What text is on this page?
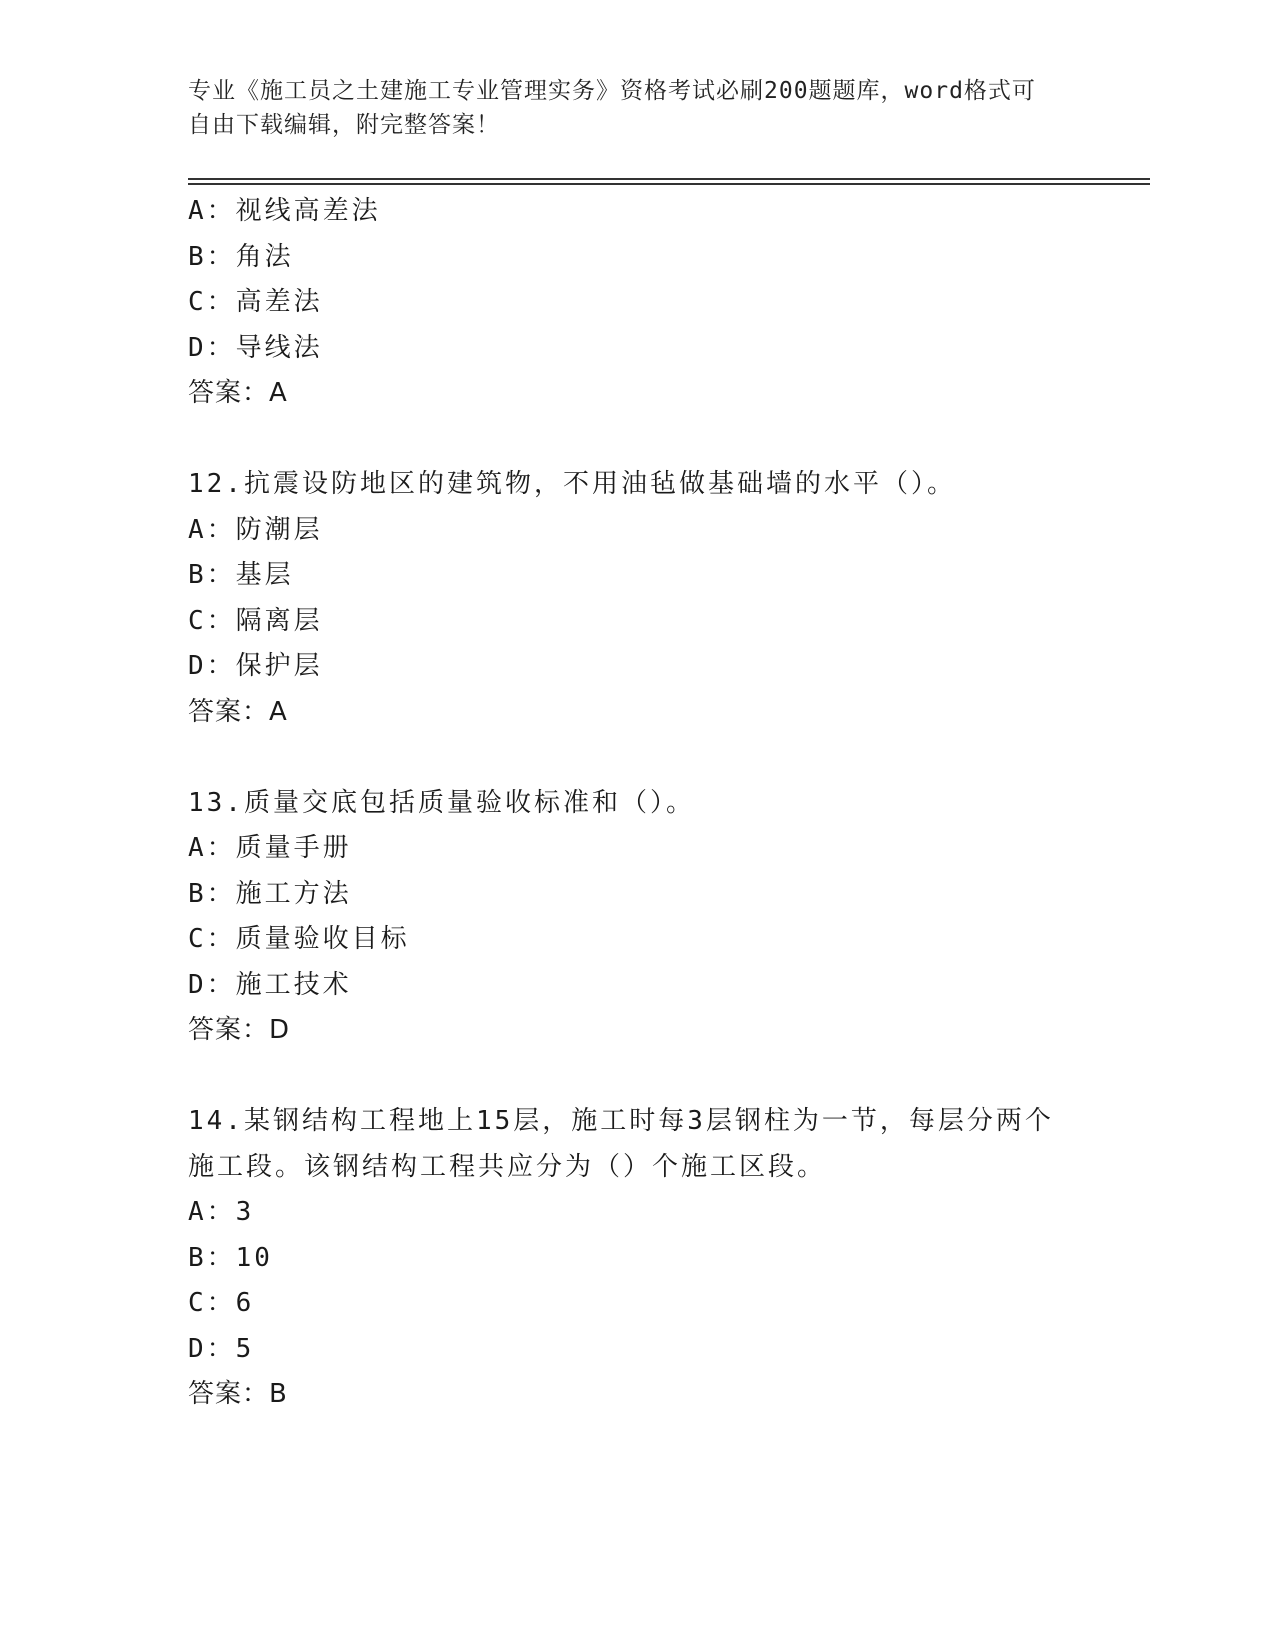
专业《施工员之土建施工专业管理实务》资格考试必刷200题题库，word格式可
自由下载编辑，附完整答案！
A：视线高差法
B：角法
C：高差法
D：导线法
答案：A
12.抗震设防地区的建筑物，不用油毡做基础墙的水平（）。
A：防潮层
B：基层
C：隔离层
D：保护层
答案：A
13.质量交底包括质量验收标准和（）。
A：质量手册
B：施工方法
C：质量验收目标
D：施工技术
答案：D
14.某钢结构工程地上15层，施工时每3层钢柱为一节，每层分两个
施工段。该钢结构工程共应分为（）个施工区段。
A：3
B：10
C：6
D：5
答案：B
